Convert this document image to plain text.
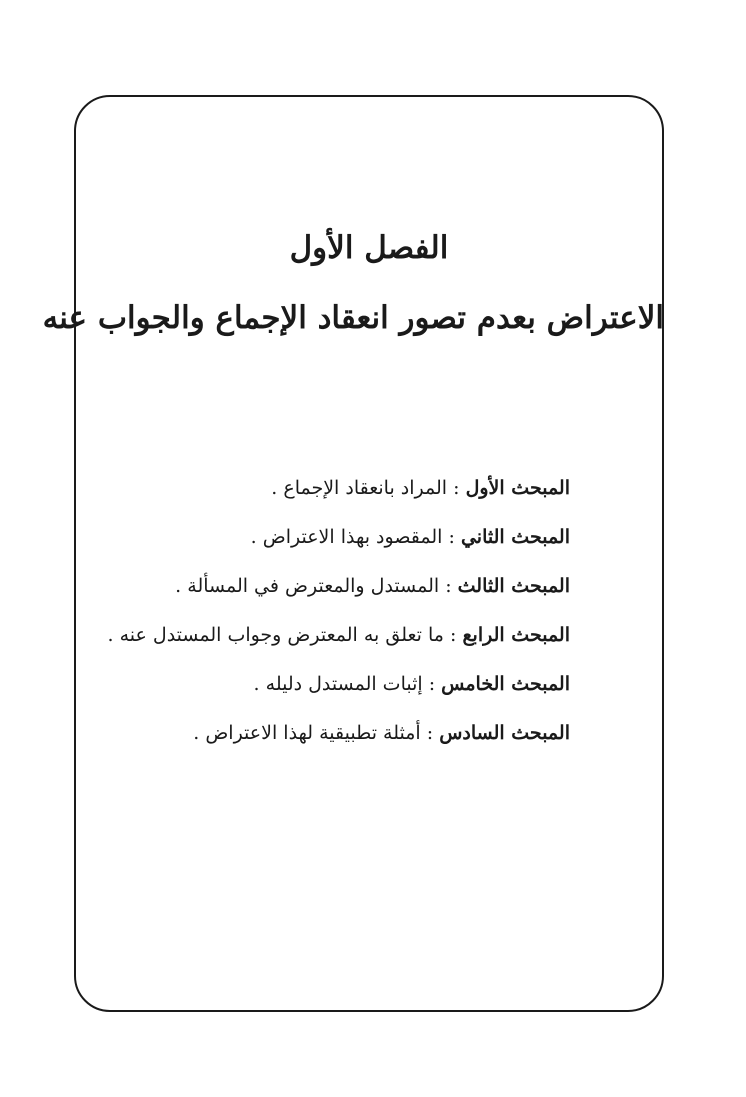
الفصل الأول
الاعتراض بعدم تصور انعقاد الإجماع والجواب عنه
المبحث الأول : المراد بانعقاد الإجماع .
المبحث الثاني : المقصود بهذا الاعتراض .
المبحث الثالث : المستدل والمعترض في المسألة .
المبحث الرابع : ما تعلق به المعترض وجواب المستدل عنه .
المبحث الخامس : إثبات المستدل دليله .
المبحث السادس : أمثلة تطبيقية لهذا الاعتراض .
